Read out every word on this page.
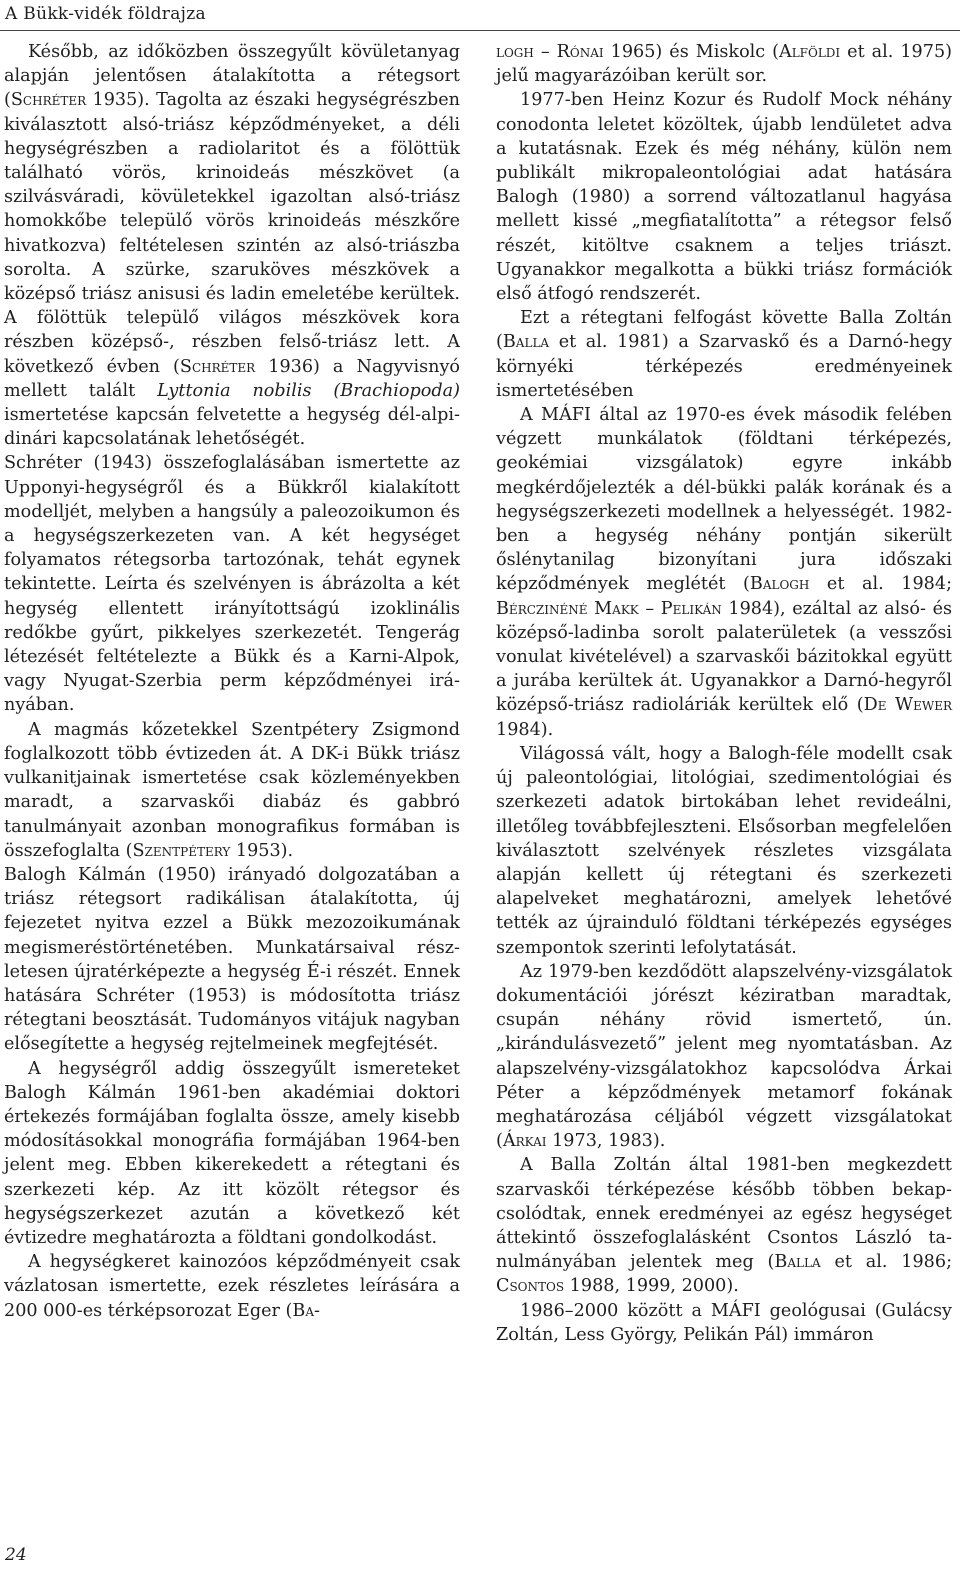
A Bükk-vidék földrajza

Később, az időközben összegyűlt kövületanyag alapján jelentősen átalakította a rétegsort (Schréter 1935). Tagolta az északi hegységrészben kiválasztott alsó-triász képződményeket, a déli hegységrészben a radiolaritot és a fölöttük található vörös, krinoideás mészkövet (a szilvásváradi, kövületekkel igazoltan alsó-triász homokkőbe települő vörös krinoideás mészkőre hivatkozva) feltételesen szintén az alsó-triászba sorolta. A szürke, szaruköves mészkövek a középső triász anisusi és ladin emeletébe kerültek. A fölöttük települő világos mészkövek kora részben középső-, részben felső-triász lett. A következő évben (Schréter 1936) a Nagyvisnyó mellett talált Lyttonia nobilis (Brachiopoda) ismertetése kapcsán felvetette a hegység dél-alpi-dinári kapcsolatának lehetőségét.

Schréter (1943) összefoglalásában ismertette az Upponyi-hegységről és a Bükkről kialakított modelljét, melyben a hangsúly a paleozoikumon és a hegységszerkezeten van. A két hegységet folyamatos rétegsorba tartozónak, tehát egynek tekintette. Leírta és szelvényen is ábrázolta a két hegység ellentett irányítottságú izoklinális redőkbe gyűrt, pikkelyes szerkezetét. Tengerág létezését feltételezte a Bükk és a Karni-Alpok, vagy Nyugat-Szerbia perm képződményei irányában.

A magmás kőzetekkel Szentpétery Zsigmond foglalkozott több évtizeden át. A DK-i Bükk triász vulkanitjainak ismertetése csak közleményekben maradt, a szarvaskői diabáz és gabbró tanulmányait azonban monografikus formában is összefoglalta (Szentpétery 1953).

Balogh Kálmán (1950) irányadó dolgozatában a triász rétegsort radikálisan átalakította, új fejezetet nyitva ezzel a Bükk mezozoikumának megismeréstörténetében. Munkatársaival részletesen újratérképezte a hegység É-i részét. Ennek hatására Schréter (1953) is módosította triász rétegtani beosztását. Tudományos vitájuk nagyban elősegítette a hegység rejtelmeinek megfejtését.

A hegységről addig összegyűlt ismereteket Balogh Kálmán 1961-ben akadémiai doktori értekezés formájában foglalta össze, amely kisebb módosításokkal monográfia formájában 1964-ben jelent meg. Ebben kikerekedett a rétegtani és szerkezeti kép. Az itt közölt rétegsor és hegységszerkezet azután a következő két évtizedre meghatározta a földtani gondolkodást.

A hegységkeret kainozóos képződményeit csak vázlatosan ismertette, ezek részletes leírására a 200 000-es térképsorozat Eger (Ba-

logh – Rónai 1965) és Miskolc (Alföldi et al. 1975) jelű magyarázóiban került sor.

1977-ben Heinz Kozur és Rudolf Mock néhány conodonta leletet közöltek, újabb lendületet adva a kutatásnak. Ezek és még néhány, külön nem publikált mikropaleontológiai adat hatására Balogh (1980) a sorrend változatlanul hagyása mellett kissé „megfiatalította” a rétegsor felső részét, kitöltve csaknem a teljes triászt. Ugyanakkor megalkotta a bükki triász formációk első átfogó rendszerét.

Ezt a rétegtani felfogást követte Balla Zoltán (Balla et al. 1981) a Szarvaskő és a Darnó-hegy környéki térképezés eredményeinek ismertetésében

A MÁFI által az 1970-es évek második felében végzett munkálatok (földtani térképezés, geokémiai vizsgálatok) egyre inkább megkérdőjelezték a dél-bükki palák korának és a hegységszerkezeti modellnek a helyességét. 1982-ben a hegység néhány pontján sikerült őslénytanilag bizonyítani jura időszaki képződmények meglétét (Balogh et al. 1984; Bérczinéné Makk – Pelikán 1984), ezáltal az alsó- és középső-ladinba sorolt palaterületek (a vesszősi vonulat kivételével) a szarvaskői bázitokkal együtt a jurába kerültek át. Ugyanakkor a Darnó-hegyről középső-triász radioláriák kerültek elő (De Wewer 1984).

Világossá vált, hogy a Balogh-féle modellt csak új paleontológiai, litológiai, szedimentológiai és szerkezeti adatok birtokában lehet revideálni, illetőleg továbbfejleszteni. Elsősorban megfelelően kiválasztott szelvények részletes vizsgálata alapján kellett új rétegtani és szerkezeti alapelveket meghatározni, amelyek lehetővé tették az újrainduló földtani térképezés egységes szempontok szerinti lefolytatását.

Az 1979-ben kezdődött alapszelvény-vizsgálatok dokumentációi jórészt kéziratban maradtak, csupán néhány rövid ismertető, ún. „kirándulásvezető” jelent meg nyomtatásban. Az alapszelvény-vizsgálatokhoz kapcsolódva Árkai Péter a képződmények metamorf fokának meghatározása céljából végzett vizsgálatokat (Árkai 1973, 1983).

A Balla Zoltán által 1981-ben megkezdett szarvaskői térképezése később többen bekapcsolódtak, ennek eredményei az egész hegységet áttekintő összefoglalásként Csontos László tanulmányában jelentek meg (Balla et al. 1986; Csontos 1988, 1999, 2000).

1986–2000 között a MÁFI geológusai (Gulácsy Zoltán, Less György, Pelikán Pál) immáron

24
